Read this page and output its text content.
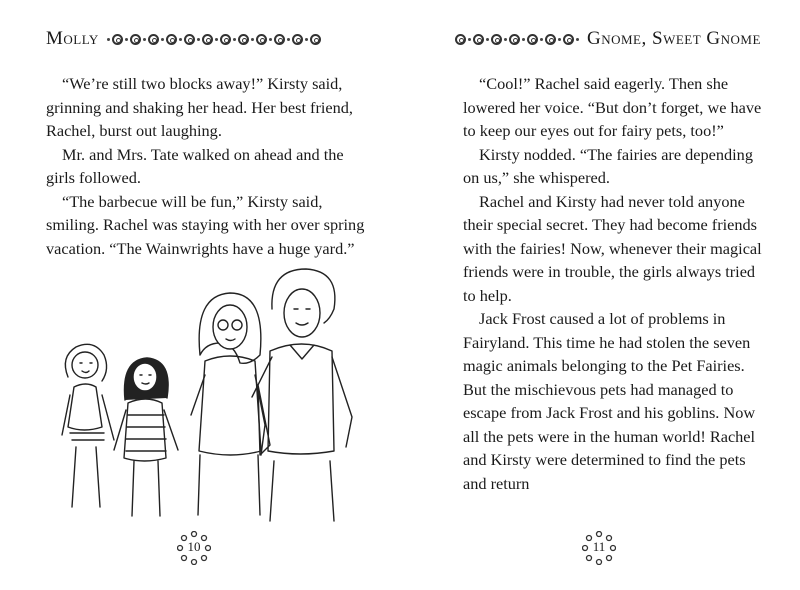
Molly

“We’re still two blocks away!” Kirsty said, grinning and shaking her head. Her best friend, Rachel, burst out laughing.

Mr. and Mrs. Tate walked on ahead and the girls followed.

“The barbecue will be fun,” Kirsty said, smiling. Rachel was staying with her over spring vacation. “The Wainwrights have a huge yard.”

10
Gnome, Sweet Gnome

“Cool!” Rachel said eagerly. Then she lowered her voice. “But don’t forget, we have to keep our eyes out for fairy pets, too!”

Kirsty nodded. “The fairies are depending on us,” she whispered.

Rachel and Kirsty had never told anyone their special secret. They had become friends with the fairies! Now, whenever their magical friends were in trouble, the girls always tried to help.

Jack Frost caused a lot of problems in Fairyland. This time he had stolen the seven magic animals belonging to the Pet Fairies. But the mischievous pets had managed to escape from Jack Frost and his goblins. Now all the pets were in the human world! Rachel and Kirsty were determined to find the pets and return

11
